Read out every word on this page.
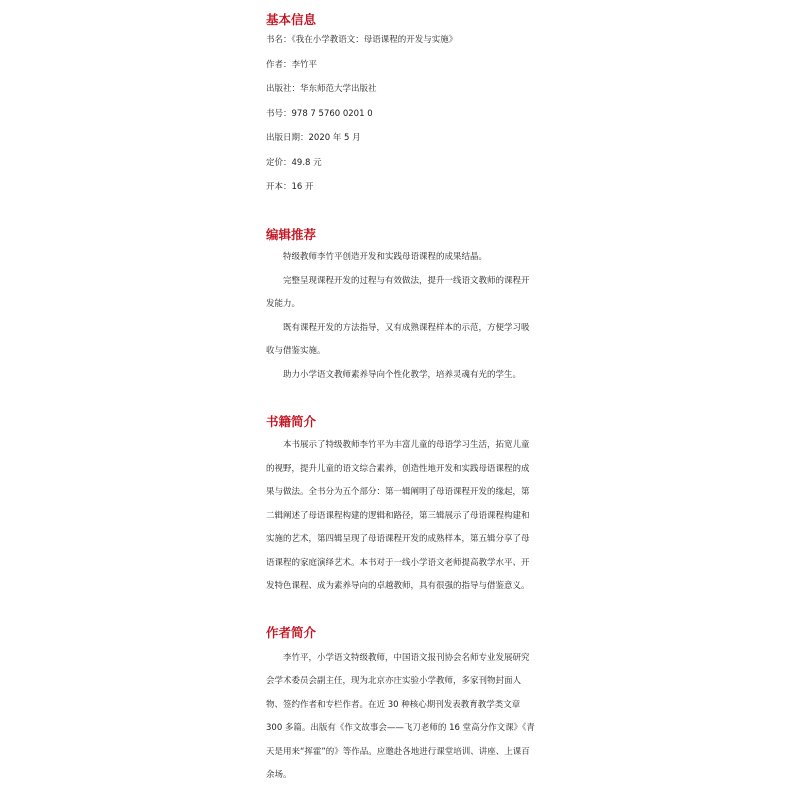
基本信息

书名：《我在小学教语文：母语课程的开发与实施》

作者：李竹平

出版社：华东师范大学出版社

书号：978 7 5760 0201 0

出版日期：2020 年 5 月

定价：49.8 元

开本：16 开

编辑推荐

特级教师李竹平创造开发和实践母语课程的成果结晶。

完整呈现课程开发的过程与有效做法，提升一线语文教师的课程开发能力。

既有课程开发的方法指导，又有成熟课程样本的示范，方便学习吸收与借鉴实施。

助力小学语文教师素养导向个性化教学，培养灵魂有光的学生。

书籍简介

本书展示了特级教师李竹平为丰富儿童的母语学习生活，拓宽儿童的视野，提升儿童的语文综合素养，创造性地开发和实践母语课程的成果与做法。全书分为五个部分：第一辑阐明了母语课程开发的缘起，第二辑阐述了母语课程构建的逻辑和路径，第三辑展示了母语课程构建和实施的艺术，第四辑呈现了母语课程开发的成熟样本，第五辑分享了母语课程的家庭演绎艺术。本书对于一线小学语文老师提高教学水平、开发特色课程、成为素养导向的卓越教师，具有很强的指导与借鉴意义。

作者简介

李竹平，小学语文特级教师，中国语文报刊协会名师专业发展研究会学术委员会副主任，现为北京亦庄实验小学教师，多家刊物封面人物、签约作者和专栏作者。在近 30 种核心期刊发表教育教学类文章 300 多篇。出版有《作文故事会——飞刀老师的 16 堂高分作文课》《青天是用来“挥霍”的》等作品。应邀赴各地进行课堂培训、讲座、上课百余场。
